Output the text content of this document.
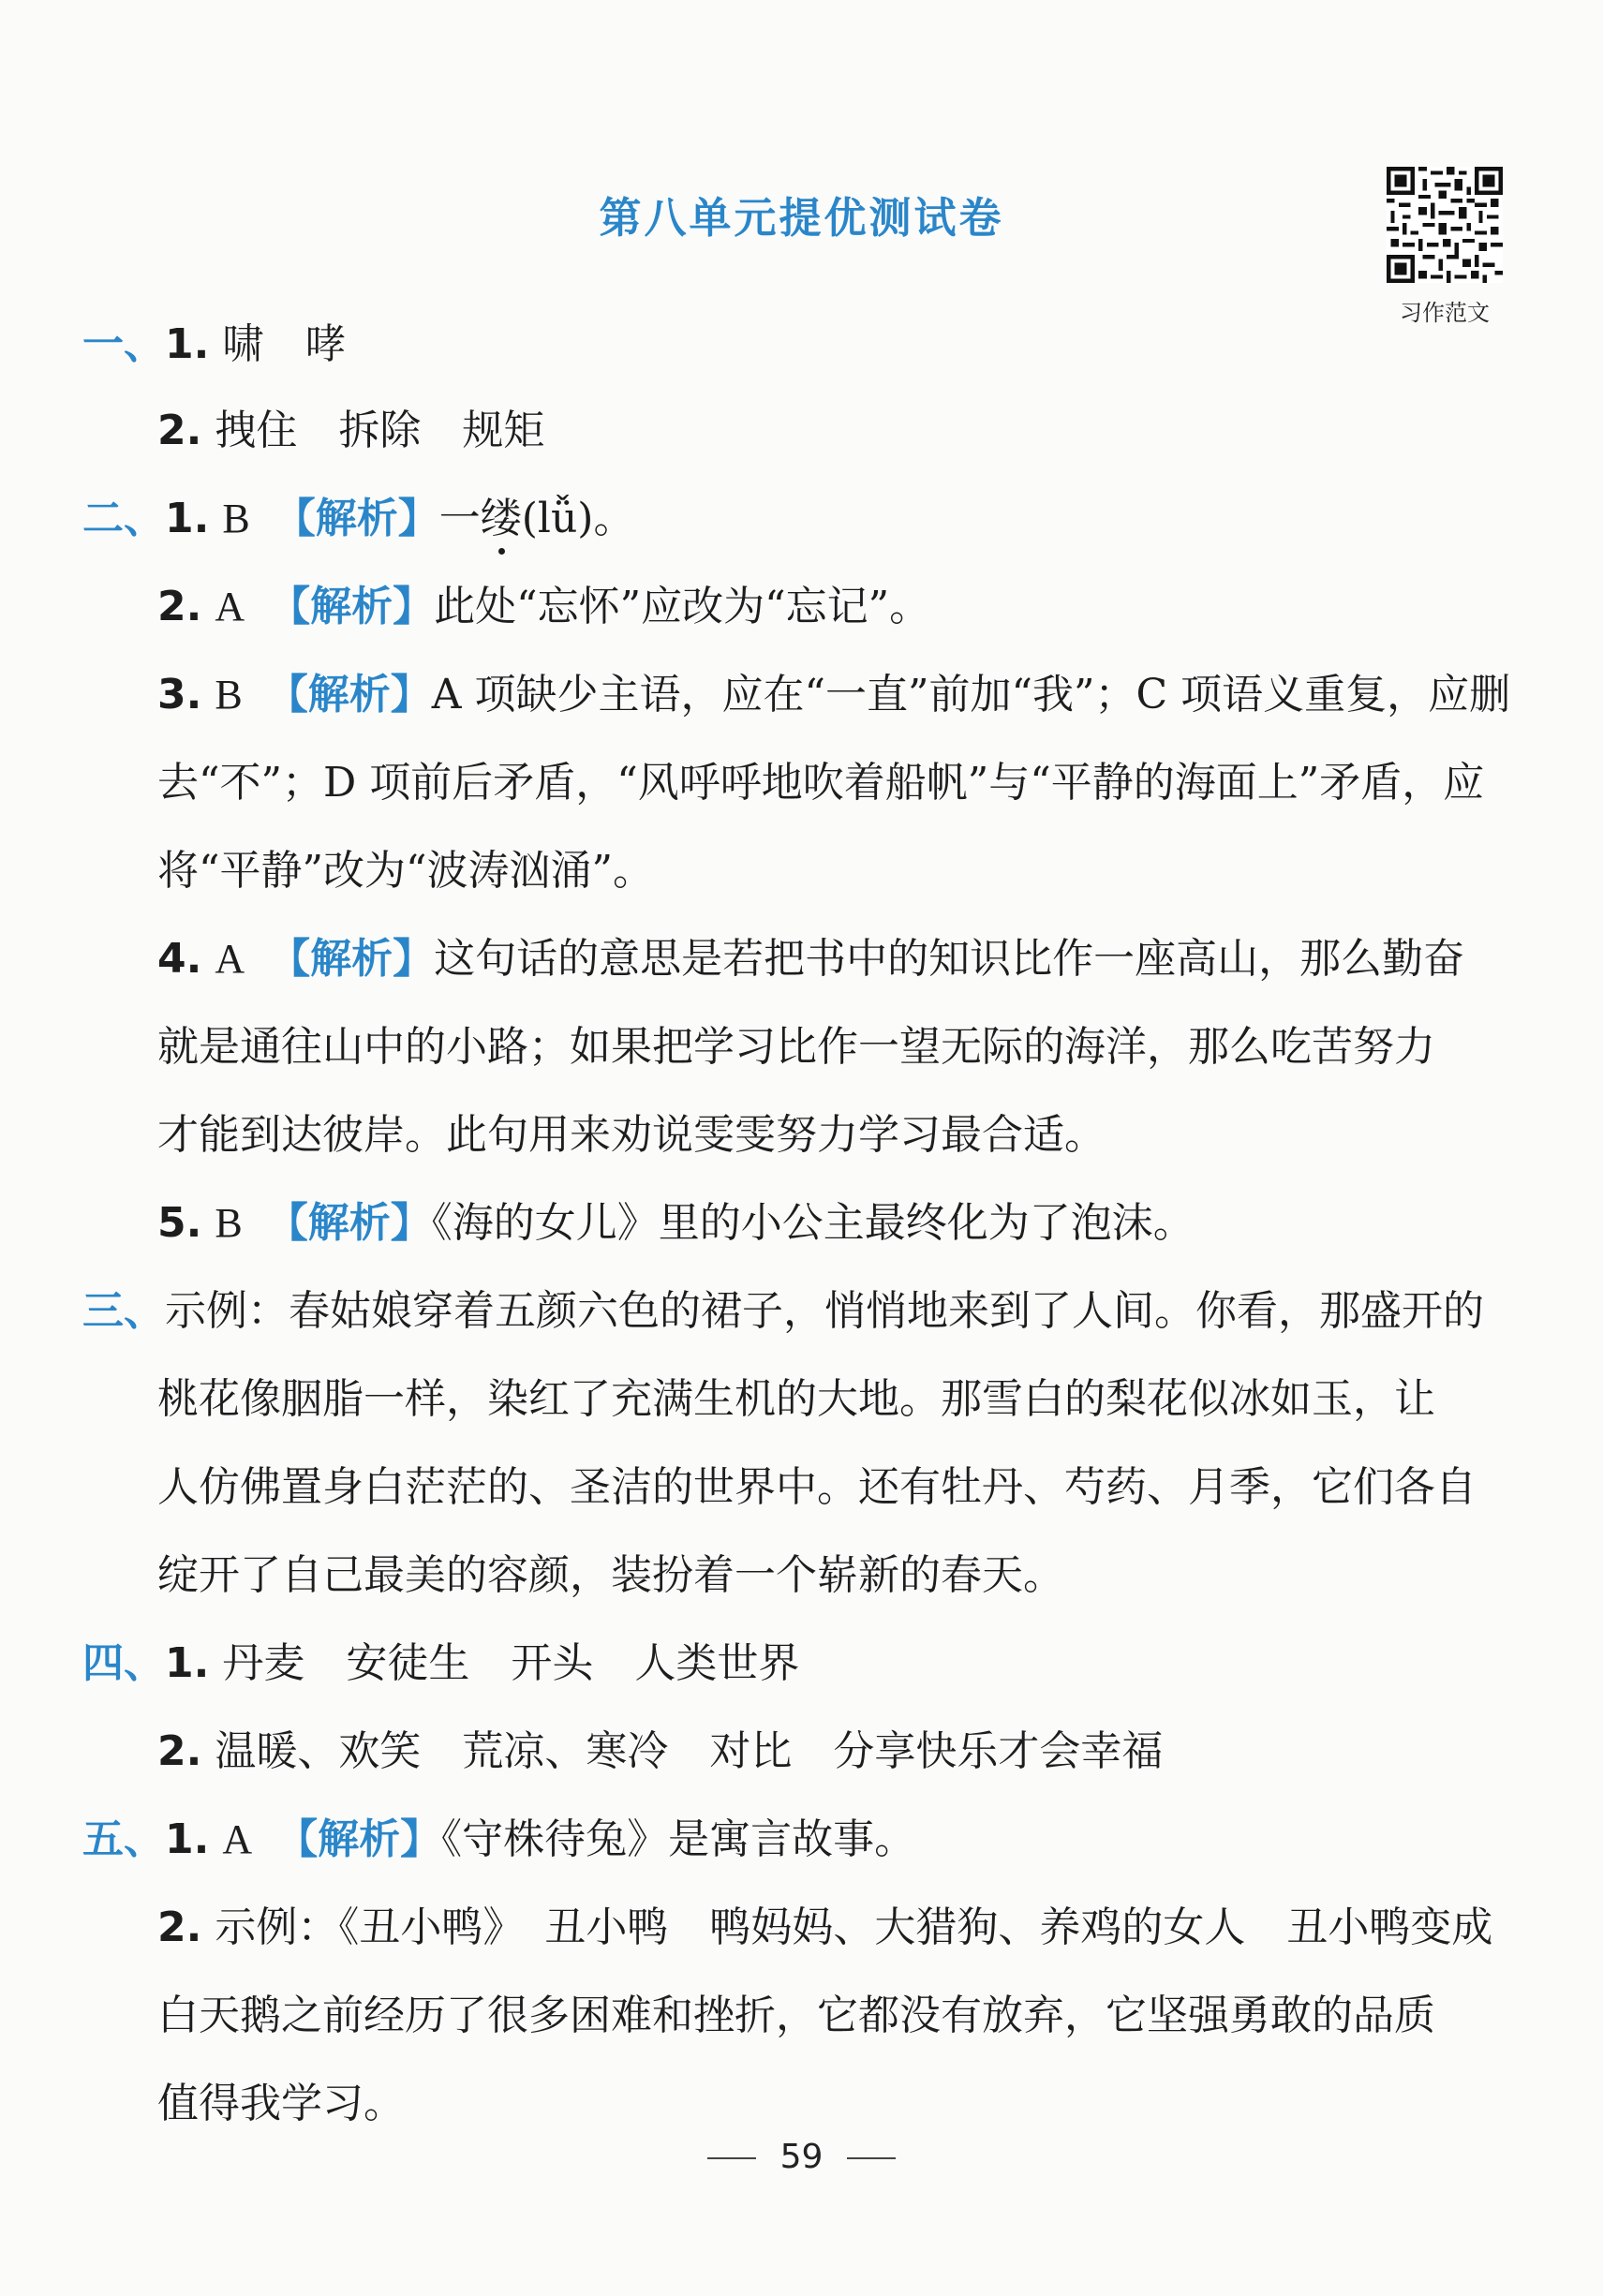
第八单元提优测试卷
习作范文
一、1. 啸　哮
2. 拽住　拆除　规矩
二、1. B 【解析】一缕(lǚ)。
2. A 【解析】此处“忘怀”应改为“忘记”。
3. B 【解析】A 项缺少主语，应在“一直”前加“我”；C 项语义重复，应删
去“不”；D 项前后矛盾，“风呼呼地吹着船帆”与“平静的海面上”矛盾，应
将“平静”改为“波涛汹涌”。
4. A 【解析】这句话的意思是若把书中的知识比作一座高山，那么勤奋
就是通往山中的小路；如果把学习比作一望无际的海洋，那么吃苦努力
才能到达彼岸。此句用来劝说雯雯努力学习最合适。
5. B 【解析】《海的女儿》里的小公主最终化为了泡沫。
三、示例：春姑娘穿着五颜六色的裙子，悄悄地来到了人间。你看，那盛开的
桃花像胭脂一样，染红了充满生机的大地。那雪白的梨花似冰如玉，让
人仿佛置身白茫茫的、圣洁的世界中。还有牡丹、芍药、月季，它们各自
绽开了自己最美的容颜，装扮着一个崭新的春天。
四、1. 丹麦　安徒生　开头　人类世界
2. 温暖、欢笑　荒凉、寒冷　对比　分享快乐才会幸福
五、1. A 【解析】《守株待兔》是寓言故事。
2. 示例：《丑小鸭》　丑小鸭　鸭妈妈、大猎狗、养鸡的女人　丑小鸭变成
白天鹅之前经历了很多困难和挫折，它都没有放弃，它坚强勇敢的品质
值得我学习。
59
